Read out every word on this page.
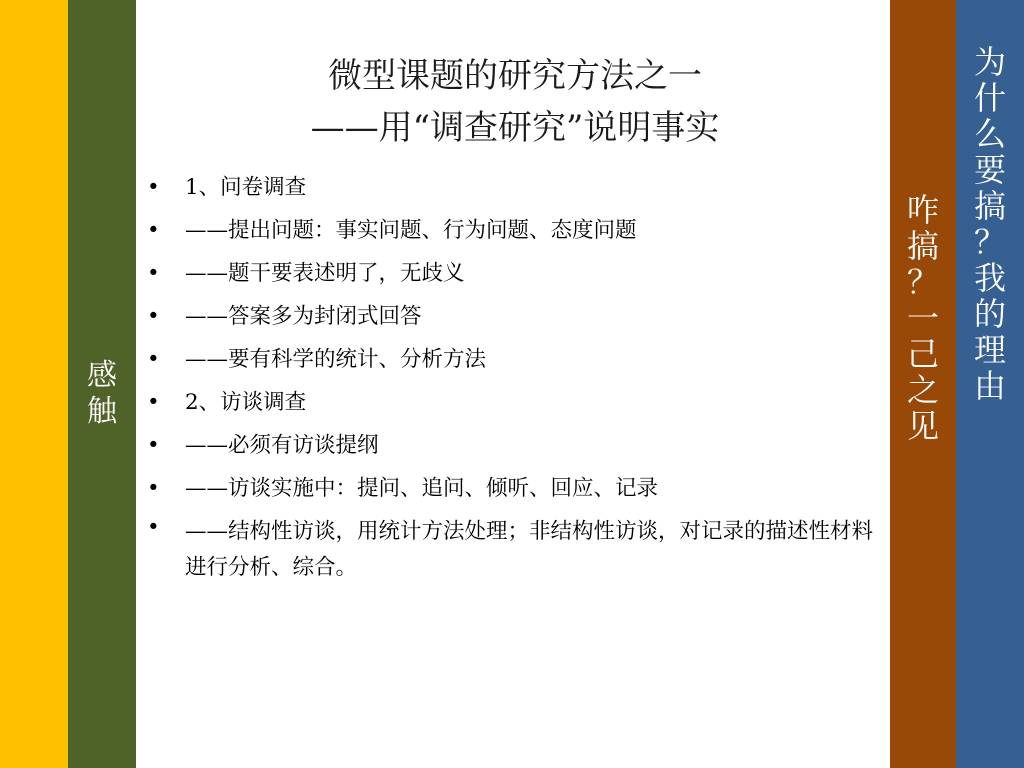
感
触
咋
搞
？
一
己
之
见
为
什
么
要
搞
？
我
的
理
由
微型课题的研究方法之一
——用“调查研究”说明事实
• 1、问卷调查
• ——提出问题：事实问题、行为问题、态度问题
• ——题干要表述明了，无歧义
• ——答案多为封闭式回答
• ——要有科学的统计、分析方法
• 2、访谈调查
• ——必须有访谈提纲
• ——访谈实施中：提问、追问、倾听、回应、记录
• ——结构性访谈，用统计方法处理；非结构性访谈，对记录的描述性材料进行分析、综合。
